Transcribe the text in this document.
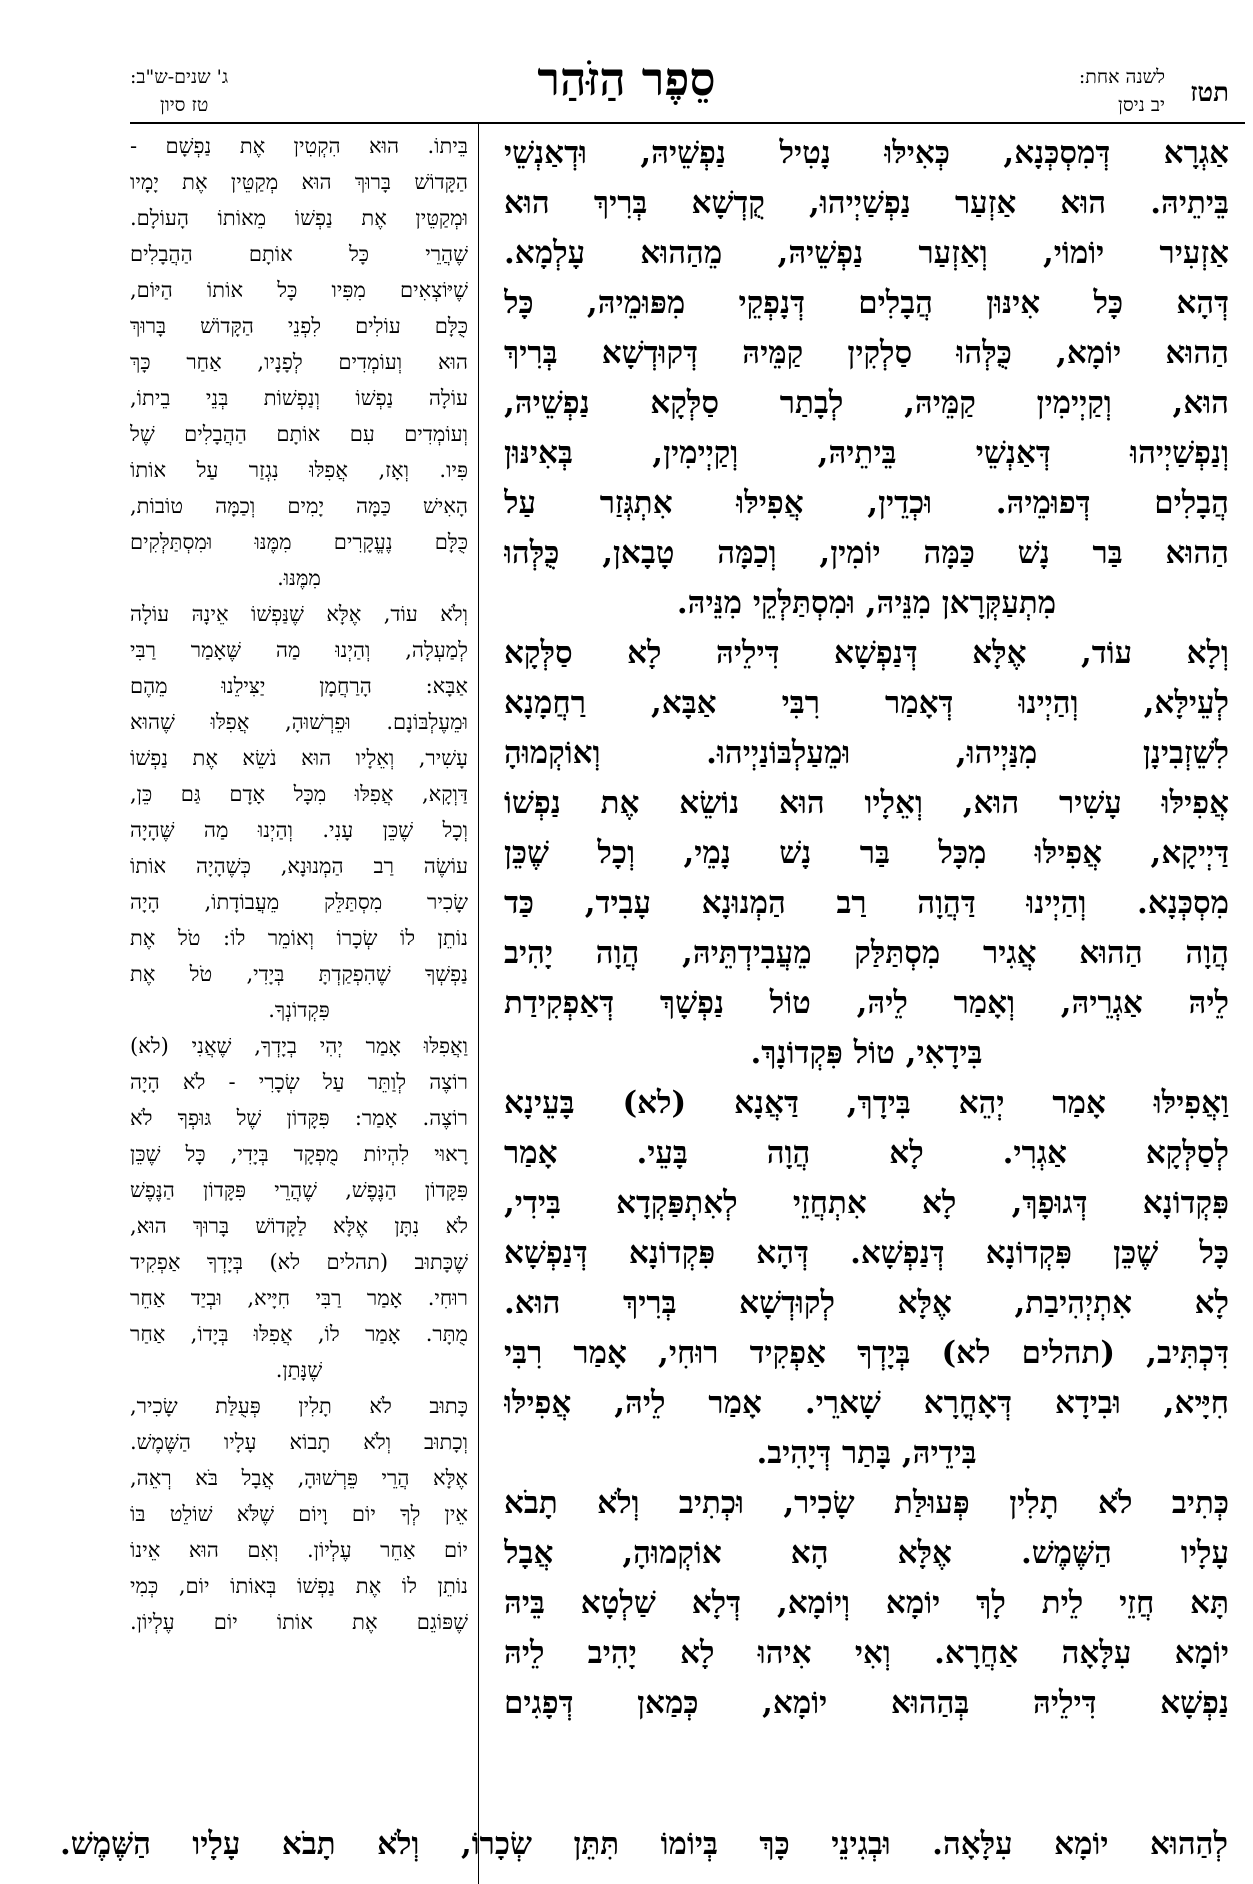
תטז
לשנה אחת:
יב ניסן
סֵפֶר הַזֹּהַר
ג' שנים-ש"ב:
טז סיון
אַגְרָא דְּמִסְכְּנָא, כְּאִילּוּ נָטִיל נַפְשֵׁיהּ, וּדְאַנְשֵׁי
בֵּיתֵיהּ. הוּא אַזְעַר נַפְשַׁיְיהוּ, קֻדְשָׁא בְּרִיךְ הוּא
אַזְעִיר יוֹמוֹי, וְאַזְעַר נַפְשֵׁיהּ, מֵהַהוּא עָלְמָא.
דְּהָא כָּל אִינּוּן הֲבָלִים דְּנָפְקֵי מִפּוּמֵיהּ, כָּל
הַהוּא יוֹמָא, כֻּלְּהוּ סַלְקִין קַמֵּיהּ דְּקוּדְשָׁא בְּרִיךְ
הוּא, וְקַיְימִין קַמֵּיהּ, לְבָתַר סַלְּקָא נַפְשֵׁיהּ,
וְנַפְשַׁיְיהוּ דְּאַנְשֵׁי בֵּיתֵיהּ, וְקַיְימִין, בְּאִינּוּן
הֲבָלִים דְּפוּמֵיהּ. וּכְדֵין, אֲפִילּוּ אִתְגְּזַר עַל
הַהוּא בַּר נָשׁ כַּמָּה יוֹמִין, וְכַמָּה טָבָאן, כֻּלְּהוּ
מִתְעַקְּרָאן מִנֵּיהּ, וּמִסְתַּלְּקֵי מִנֵּיהּ.
וְלָא עוֹד, אֶלָּא דְּנַפְשָׁא דִּילֵיהּ לָא סַלְּקָא
לְעֵילָּא, וְהַיְינוּ דְּאָמַר רִבִּי אַבָּא, רַחֲמָנָא
לִשֵׁזְבִינָן מִנַּיְיהוּ, וּמֵעַלְבּוֹנַיְיהוּ. וְאוֹקְמוּהָ
אֲפִילּוּ עָשִׁיר הוּא, וְאֵלָיו הוּא נוֹשֵׂא אֶת נַפְשׁוֹ
דַּיְיקָא, אֲפִילּוּ מִכָּל בַּר נָשׁ נָמֵי, וְכָל שֶׁכֵּן
מִסְכְּנָא. וְהַיְינוּ דַּהֲוָה רַב הַמְנוּנָא עָבִיד, כַּד
הֲוָה הַהוּא אֲגִיר מִסְתַּלַּק מֵעֲבִידְתֵּיהּ, הֲוָה יָהִיב
לֵיהּ אַגְרֵיהּ, וְאָמַר לֵיהּ, טוֹל נַפְשָׁךְ דְּאַפְקִידַת
בִּידָאִי, טוֹל פִּקְדוֹנָךְ.
וַאֲפִילּוּ אָמַר יְהֵא בִּידָךְ, דַּאֲנָא (לא) בָּעֵינָא
לְסַלְּקָא אַגְרִי. לָא הֲוָה בָּעֵי. אָמַר
פִּקְדוֹנָא דְּגוּפָךְ, לָא אִתְחֲזֵי לְאִתְפַּקְדָא בִּידִי,
כָּל שֶׁכֵּן פִּקְדוֹנָא דְּנַפְשָׁא. דְּהָא פִּקְדוֹנָא דְּנַפְשָׁא
לָא אִתְיְהִיבַת, אֶלָּא לְקוּדְשָׁא בְּרִיךְ הוּא.
דִּכְתִּיב, (תהלים לא) בְּיָדְךָ אַפְקִיד רוּחִי, אָמַר רִבִּי
חִיָּיא, וּבִידָא דְּאָחֳרָא שָׁארֵי. אָמַר לֵיהּ, אֲפִילּוּ
בִּידֵיהּ, בָּתַר דְּיָהִיב.
כְּתִיב לֹא תָלִין פְּעוּלַּת שָׂכִיר, וּכְתִיב וְלֹא תָבֹא
עָלָיו הַשֶּׁמֶשׁ. אֶלָּא הָא אוֹקְמוּהָ, אֲבָל
תָּא חֲזֵי לֵית לָךְ יוֹמָא וְיוֹמָא, דְּלָא שַׁלְטָא בֵּיהּ
יוֹמָא עִלָּאָה אַחֲרָא. וְאִי אִיהוּ לָא יָהִיב לֵיהּ
נַפְשָׁא דִּילֵיהּ בְּהַהוּא יוֹמָא, כְּמַאן דְּפָגִים
בֵּיתוֹ. הוּא הִקְטִין אֶת נַפְשָׁם -
הַקָּדוֹשׁ בָּרוּךְ הוּא מְקַטֵּין אֶת יָמָיו
וּמְקַטֵּין אֶת נַפְשׁוֹ מֵאוֹתוֹ הָעוֹלָם.
שֶׁהֲרֵי כָּל אוֹתָם הַהֲבָלִים
שֶׁיּוֹצְאִים מִפִּיו כָּל אוֹתוֹ הַיּוֹם,
כֻּלָּם עוֹלִים לִפְנֵי הַקָּדוֹשׁ בָּרוּךְ
הוּא וְעוֹמְדִים לְפָנָיו, אַחַר כָּךְ
עוֹלָה נַפְשׁוֹ וְנַפְשׁוֹת בְּנֵי בֵיתוֹ,
וְעוֹמְדִים עִם אוֹתָם הַהֲבָלִים שֶׁל
פִּיו. וְאָז, אֲפִלּוּ נִגְזַר עַל אוֹתוֹ
הָאִישׁ כַּמָּה יָמִים וְכַמָּה טוֹבוֹת,
כֻּלָּם נֶעֱקָרִים מִמֶּנּוּ וּמִסְתַּלְּקִים
מִמֶּנּוּ.
וְלֹא עוֹד, אֶלָּא שֶׁנַּפְשׁוֹ אֵינָהּ עוֹלָה
לְמַעְלָה, וְהַיְנוּ מַה שֶּׁאָמַר רַבִּי
אַבָּא: הָרַחֲמָן יַצִּילֵנוּ מֵהֶם
וּמֵעֶלְבּוֹנָם. וּפֵרְשׁוּהָ, אֲפִלּוּ שֶׁהוּא
עָשִׁיר, וְאֵלָיו הוּא נֹשֵׂא אֶת נַפְשׁוֹ
דַּוְקָא, אֲפִלּוּ מִכָּל אָדָם גַּם כֵּן,
וְכָל שֶׁכֵּן עָנִי. וְהַיְנוּ מַה שֶּׁהָיָה
עוֹשֶׂה רַב הַמְנוּנָא, כְּשֶׁהָיָה אוֹתוֹ
שָׂכִיר מִסְתַּלֵּק מֵעֲבוֹדָתוֹ, הָיָה
נוֹתֵן לוֹ שְׂכָרוֹ וְאוֹמֵר לוֹ: טֹל אֶת
נַפְשְׁךָ שֶׁהִפְקַדְתָּ בְּיָדִי, טֹל אֶת
פִּקְדוֹנְךָ.
וַאֲפִלּוּ אָמַר יְהִי בְיָדְךָ, שֶׁאֲנִי (לא)
רוֹצֶה לְוַתֵּר עַל שְׂכָרִי - לֹא הָיָה
רוֹצֶה. אָמַר: פִּקָּדוֹן שֶׁל גּוּפְךָ לֹא
רָאוּי לִהְיוֹת מֻפְקָד בְּיָדִי, כָּל שֶׁכֵּן
פִּקָּדוֹן הַנֶּפֶשׁ, שֶׁהֲרֵי פִּקָּדוֹן הַנֶּפֶשׁ
לֹא נִתָּן אֶלָּא לַקָּדוֹשׁ בָּרוּךְ הוּא,
שֶׁכָּתוּב (תהלים לא) בְּיָדְךָ אַפְקִיד
רוּחִי. אָמַר רַבִּי חִיָּיא, וּבְיַד אַחֵר
מֻתָּר. אָמַר לוֹ, אֲפִלּוּ בְּיָדוֹ, אַחַר
שֶׁנָּתַן.
כָּתוּב לֹא תָלִין פְּעֻלַּת שָׂכִיר,
וְכָתוּב וְלֹא תָבוֹא עָלָיו הַשֶּׁמֶשׁ.
אֶלָּא הֲרֵי פֵּרְשׁוּהָ, אֲבָל בֹּא רְאֵה,
אֵין לְךָ יוֹם וָיוֹם שֶׁלֹּא שׁוֹלֵט בּוֹ
יוֹם אַחֵר עֶלְיוֹן. וְאִם הוּא אֵינוֹ
נוֹתֵן לוֹ אֶת נַפְשׁוֹ בְּאוֹתוֹ יוֹם, כְּמִי
שֶׁפּוֹגֵם אֶת אוֹתוֹ יוֹם עֶלְיוֹן.
לְהַהוּא יוֹמָא עִלָּאָה. וּבְגִינֵי כָּךְ בְּיוֹמוֹ תִּתֵּן שְׂכָרוֹ, וְלֹא תָבֹא עָלָיו הַשֶּׁמֶשׁ.
